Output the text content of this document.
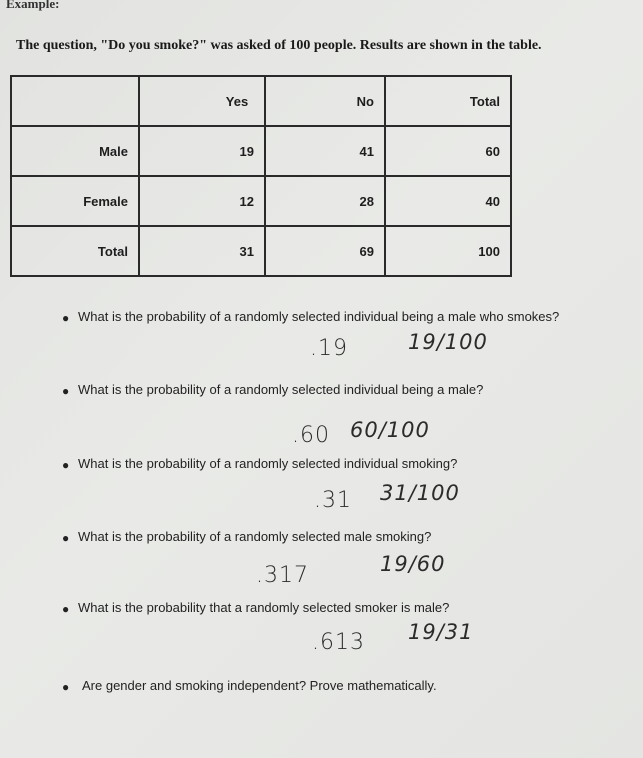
Example:
The question, "Do you smoke?" was asked of 100 people. Results are shown in the table.
	Yes	No	Total
Male	19	41	60
Female	12	28	40
Total	31	69	100
● What is the probability of a randomly selected individual being a male who smokes?
.19	19/100
● What is the probability of a randomly selected individual being a male?
.60 60/100
● What is the probability of a randomly selected individual smoking?
.31 31/100
● What is the probability of a randomly selected male smoking?
.317	19/60
● What is the probability that a randomly selected smoker is male?
.613 19/31
● Are gender and smoking independent? Prove mathematically.
